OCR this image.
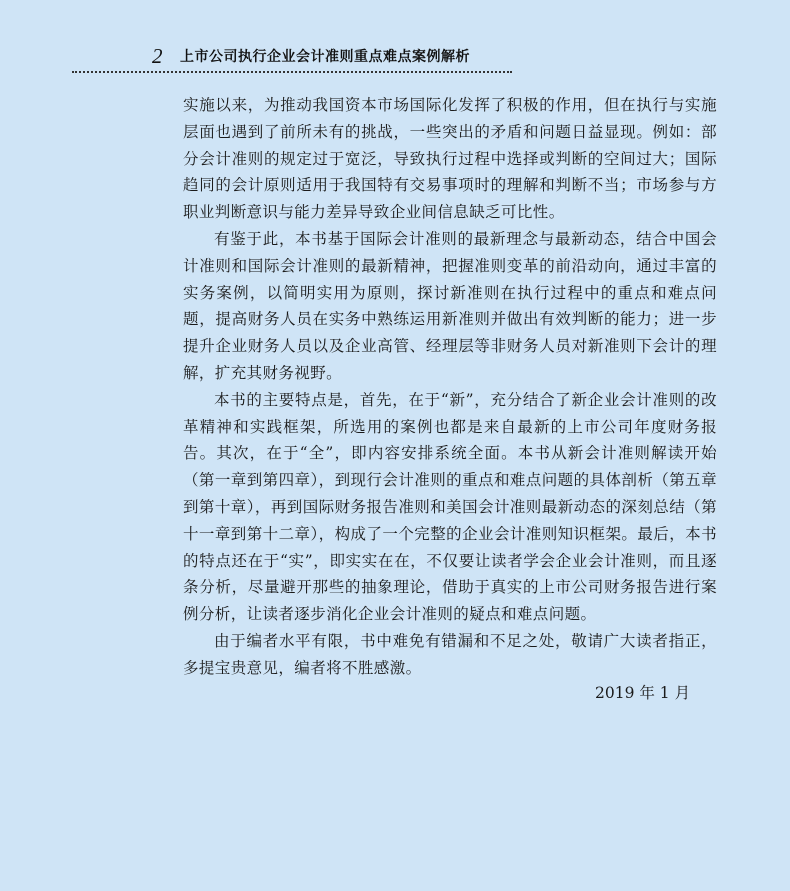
2 上市公司执行企业会计准则重点难点案例解析

实施以来，为推动我国资本市场国际化发挥了积极的作用，但在执行与实施层面也遇到了前所未有的挑战，一些突出的矛盾和问题日益显现。例如：部分会计准则的规定过于宽泛，导致执行过程中选择或判断的空间过大；国际趋同的会计原则适用于我国特有交易事项时的理解和判断不当；市场参与方职业判断意识与能力差异导致企业间信息缺乏可比性。

有鉴于此，本书基于国际会计准则的最新理念与最新动态，结合中国会计准则和国际会计准则的最新精神，把握准则变革的前沿动向，通过丰富的实务案例，以简明实用为原则，探讨新准则在执行过程中的重点和难点问题，提高财务人员在实务中熟练运用新准则并做出有效判断的能力；进一步提升企业财务人员以及企业高管、经理层等非财务人员对新准则下会计的理解，扩充其财务视野。

本书的主要特点是，首先，在于“新”，充分结合了新企业会计准则的改革精神和实践框架，所选用的案例也都是来自最新的上市公司年度财务报告。其次，在于“全”，即内容安排系统全面。本书从新会计准则解读开始（第一章到第四章），到现行会计准则的重点和难点问题的具体剖析（第五章到第十章），再到国际财务报告准则和美国会计准则最新动态的深刻总结（第十一章到第十二章），构成了一个完整的企业会计准则知识框架。最后，本书的特点还在于“实”，即实实在在，不仅要让读者学会企业会计准则，而且逐条分析，尽量避开那些的抽象理论，借助于真实的上市公司财务报告进行案例分析，让读者逐步消化企业会计准则的疑点和难点问题。

由于编者水平有限，书中难免有错漏和不足之处，敬请广大读者指正，多提宝贵意见，编者将不胜感激。

2019 年 1 月
